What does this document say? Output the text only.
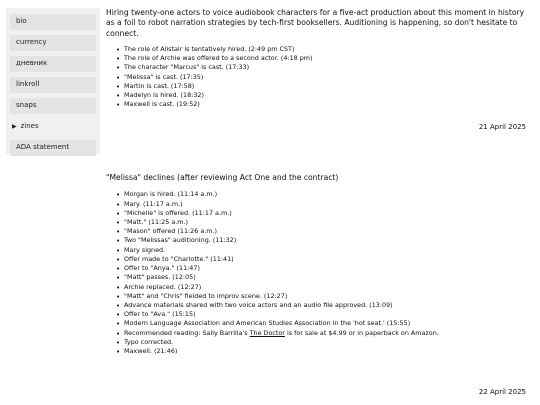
bio
currency
дневник
linkroll
snaps
▶ zines
ADA statement

Hiring twenty-one actors to voice audiobook characters for a five-act production about this moment in history as a foil to robot narration strategies by tech-first booksellers. Auditioning is happening, so don't hesitate to connect.

• The role of Alistair is tentatively hired. (2:49 pm CST)
• The role of Archie was offered to a second actor. (4:18 pm)
• The character "Marcus" is cast. (17:33)
• "Melissa" is cast. (17:35)
• Martin is cast. (17:58)
• Madelyn is hired. (18:32)
• Maxwell is cast. (19:52)
21 April 2025

"Melissa" declines (after reviewing Act One and the contract)

• Morgan is hired. (11:14 a.m.)
• Mary. (11:17 a.m.)
• "Michelle" is offered. (11:17 a.m.)
• "Matt." (11:25 a.m.)
• "Mason" offered (11:26 a.m.)
• Two "Melissas" auditioning. (11:32)
• Mary signed.
• Offer made to "Charlotte." (11:41)
• Offer to "Anya." (11:47)
• "Matt" passes. (12:05)
• Archie replaced. (12:27)
• "Matt" and "Chris" fielded to improv scene. (12:27)
• Advance materials shared with two voice actors and an audio file approved. (13:09)
• Offer to "Ava." (15:15)
• Modern Language Association and American Studies Association in the 'hot seat.' (15:55)
• Recommended reading: Sally Barrilla's The Doctor is for sale at $4.99 or in paperback on Amazon.
• Typo corrected.
• Maxwell. (21:46)
22 April 2025
